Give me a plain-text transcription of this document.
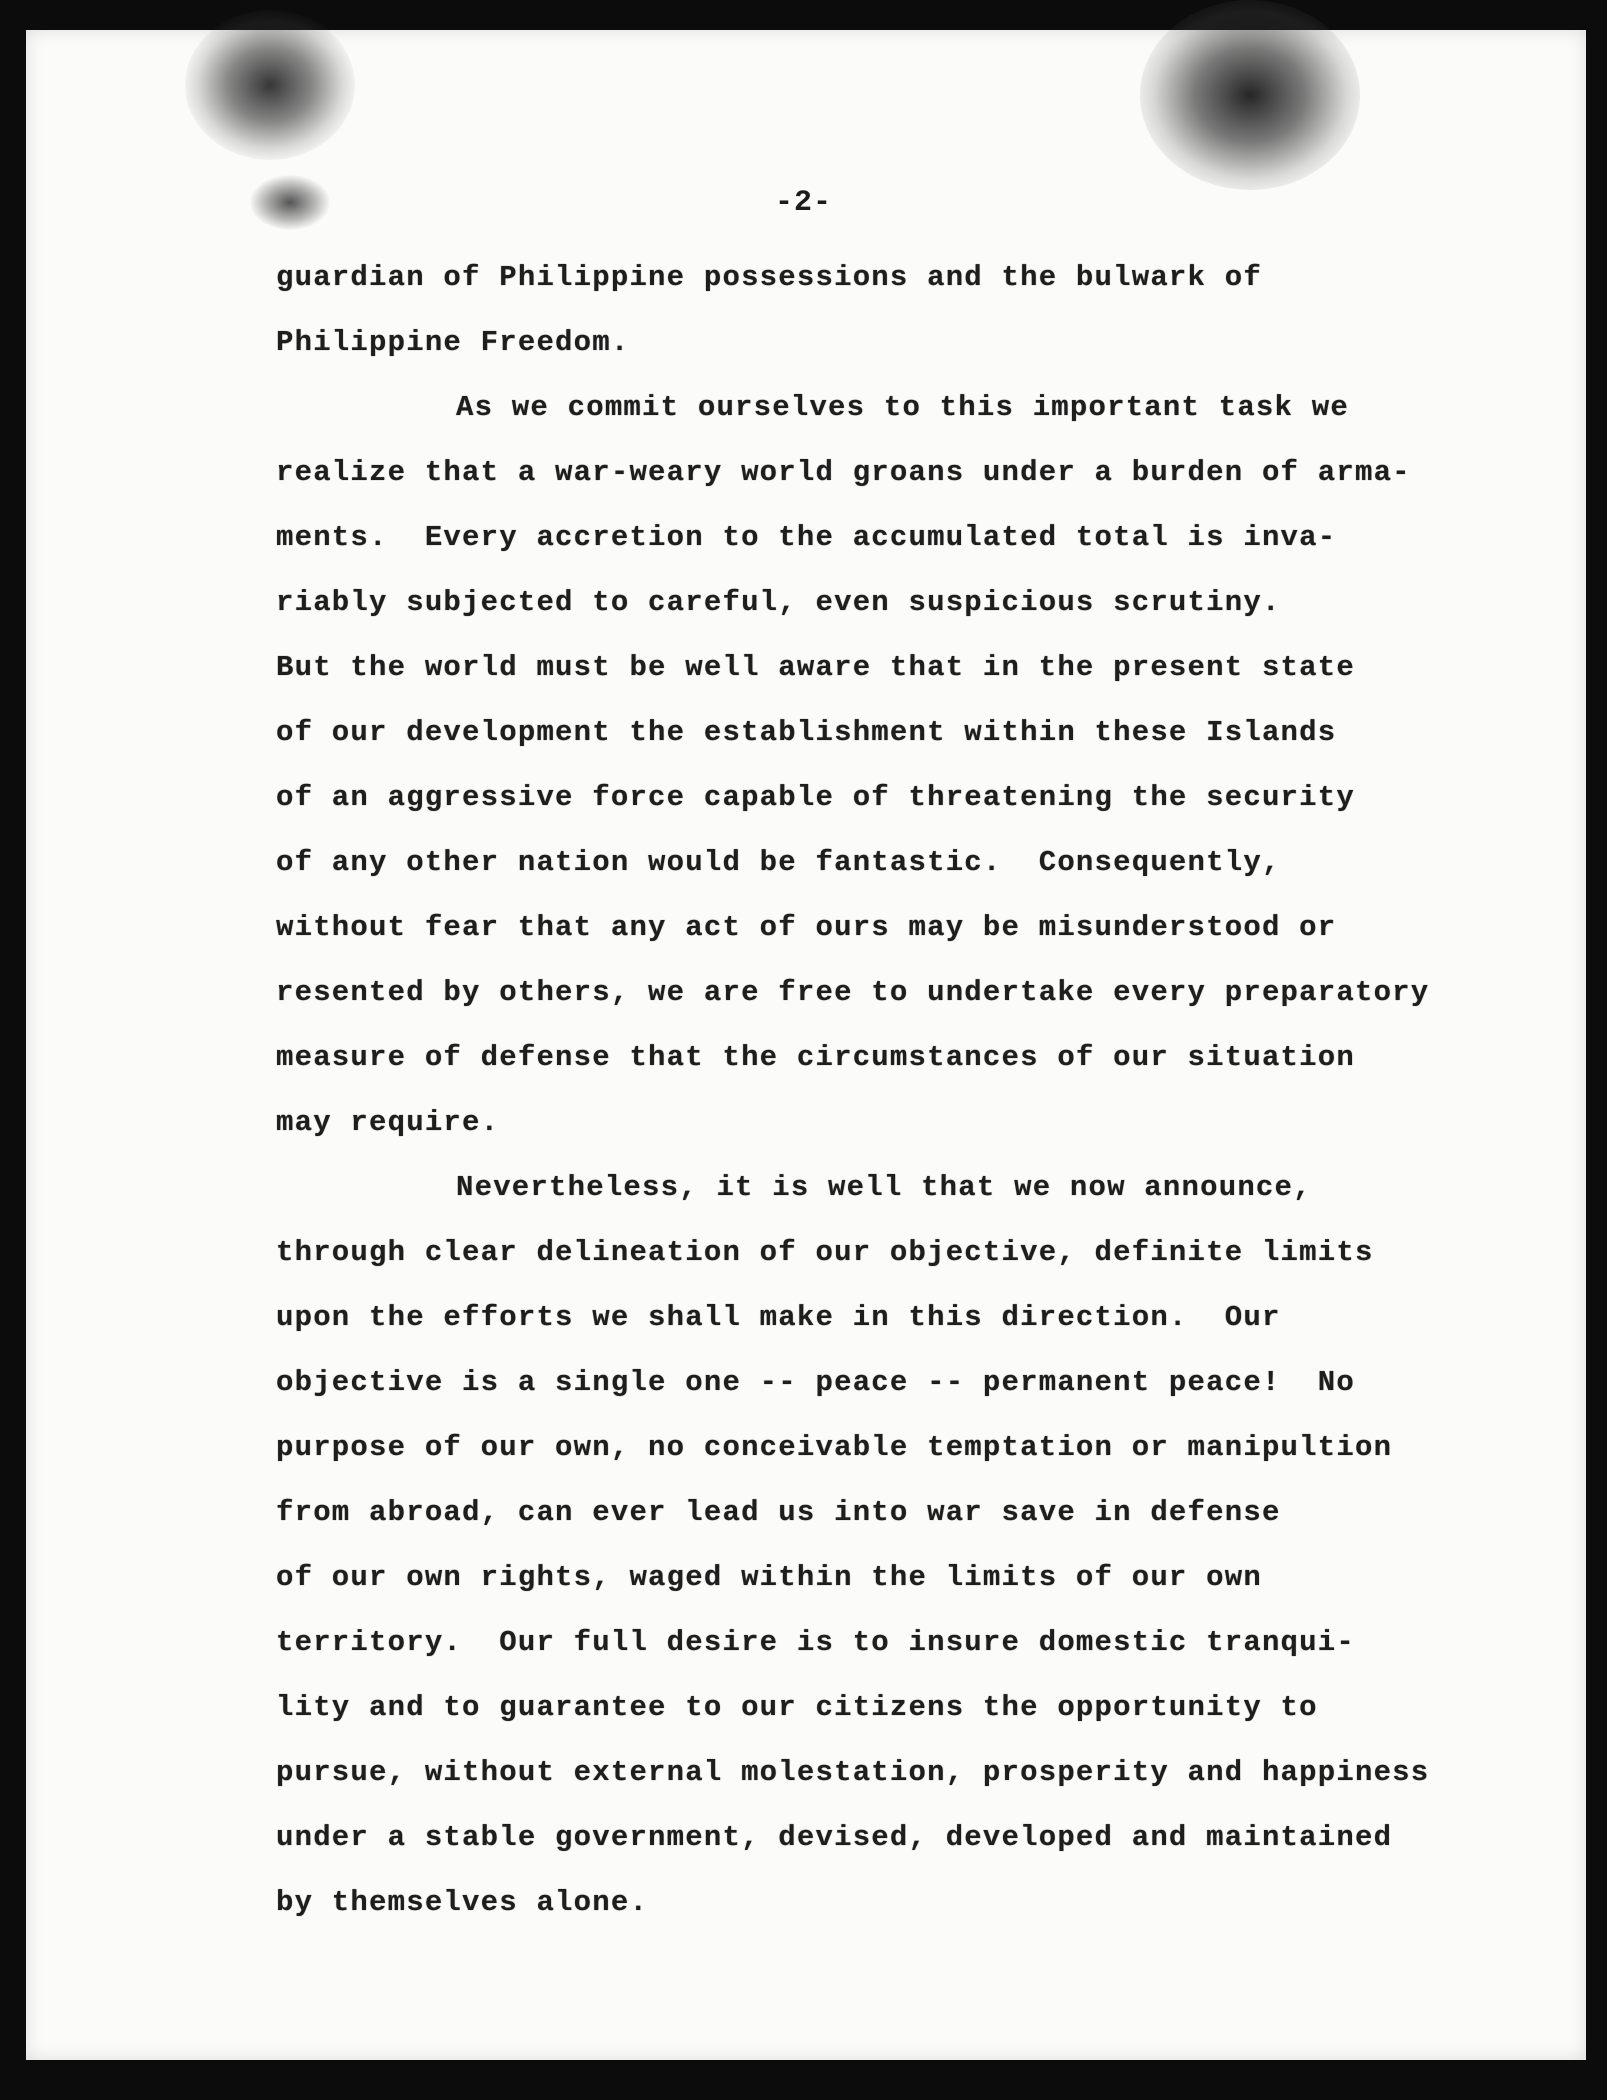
-2-
guardian of Philippine possessions and the bulwark of
Philippine Freedom.
As we commit ourselves to this important task we
realize that a war-weary world groans under a burden of arma-
ments.  Every accretion to the accumulated total is inva-
riably subjected to careful, even suspicious scrutiny.
But the world must be well aware that in the present state
of our development the establishment within these Islands
of an aggressive force capable of threatening the security
of any other nation would be fantastic.  Consequently,
without fear that any act of ours may be misunderstood or
resented by others, we are free to undertake every preparatory
measure of defense that the circumstances of our situation
may require.
Nevertheless, it is well that we now announce,
through clear delineation of our objective, definite limits
upon the efforts we shall make in this direction.  Our
objective is a single one -- peace -- permanent peace!  No
purpose of our own, no conceivable temptation or manipultion
from abroad, can ever lead us into war save in defense
of our own rights, waged within the limits of our own
territory.  Our full desire is to insure domestic tranqui-
lity and to guarantee to our citizens the opportunity to
pursue, without external molestation, prosperity and happiness
under a stable government, devised, developed and maintained
by themselves alone.
